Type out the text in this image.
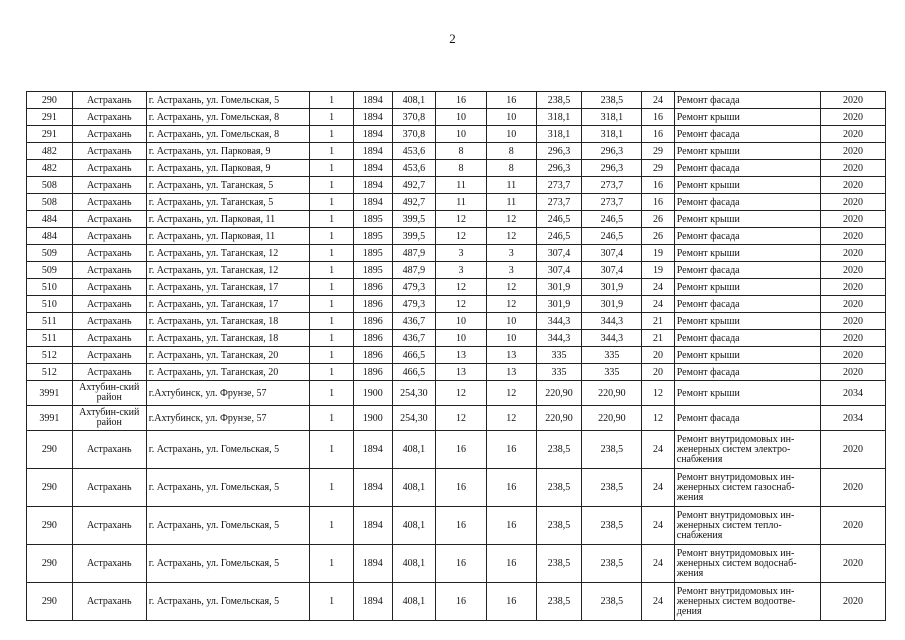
2
290	Астрахань	г. Астрахань, ул. Гомельская, 5	1	1894	408,1	16	16	238,5	238,5	24	Ремонт фасада	2020
291	Астрахань	г. Астрахань, ул. Гомельская, 8	1	1894	370,8	10	10	318,1	318,1	16	Ремонт крыши	2020
291	Астрахань	г. Астрахань, ул. Гомельская, 8	1	1894	370,8	10	10	318,1	318,1	16	Ремонт фасада	2020
482	Астрахань	г. Астрахань, ул. Парковая, 9	1	1894	453,6	8	8	296,3	296,3	29	Ремонт крыши	2020
482	Астрахань	г. Астрахань, ул. Парковая, 9	1	1894	453,6	8	8	296,3	296,3	29	Ремонт фасада	2020
508	Астрахань	г. Астрахань, ул. Таганская, 5	1	1894	492,7	11	11	273,7	273,7	16	Ремонт крыши	2020
508	Астрахань	г. Астрахань, ул. Таганская, 5	1	1894	492,7	11	11	273,7	273,7	16	Ремонт фасада	2020
484	Астрахань	г. Астрахань, ул. Парковая, 11	1	1895	399,5	12	12	246,5	246,5	26	Ремонт крыши	2020
484	Астрахань	г. Астрахань, ул. Парковая, 11	1	1895	399,5	12	12	246,5	246,5	26	Ремонт фасада	2020
509	Астрахань	г. Астрахань, ул. Таганская, 12	1	1895	487,9	3	3	307,4	307,4	19	Ремонт крыши	2020
509	Астрахань	г. Астрахань, ул. Таганская, 12	1	1895	487,9	3	3	307,4	307,4	19	Ремонт фасада	2020
510	Астрахань	г. Астрахань, ул. Таганская, 17	1	1896	479,3	12	12	301,9	301,9	24	Ремонт крыши	2020
510	Астрахань	г. Астрахань, ул. Таганская, 17	1	1896	479,3	12	12	301,9	301,9	24	Ремонт фасада	2020
511	Астрахань	г. Астрахань, ул. Таганская, 18	1	1896	436,7	10	10	344,3	344,3	21	Ремонт крыши	2020
511	Астрахань	г. Астрахань, ул. Таганская, 18	1	1896	436,7	10	10	344,3	344,3	21	Ремонт фасада	2020
512	Астрахань	г. Астрахань, ул. Таганская, 20	1	1896	466,5	13	13	335	335	20	Ремонт крыши	2020
512	Астрахань	г. Астрахань, ул. Таганская, 20	1	1896	466,5	13	13	335	335	20	Ремонт фасада	2020
3991	Ахтубин-ский район	г.Ахтубинск, ул. Фрунзе, 57	1	1900	254,30	12	12	220,90	220,90	12	Ремонт крыши	2034
3991	Ахтубин-ский район	г.Ахтубинск, ул. Фрунзе, 57	1	1900	254,30	12	12	220,90	220,90	12	Ремонт фасада	2034
290	Астрахань	г. Астрахань, ул. Гомельская, 5	1	1894	408,1	16	16	238,5	238,5	24	Ремонт внутридомовых ин-женерных систем электро-снабжения	2020
290	Астрахань	г. Астрахань, ул. Гомельская, 5	1	1894	408,1	16	16	238,5	238,5	24	Ремонт внутридомовых ин-женерных систем газоснаб-жения	2020
290	Астрахань	г. Астрахань, ул. Гомельская, 5	1	1894	408,1	16	16	238,5	238,5	24	Ремонт внутридомовых ин-женерных систем тепло-снабжения	2020
290	Астрахань	г. Астрахань, ул. Гомельская, 5	1	1894	408,1	16	16	238,5	238,5	24	Ремонт внутридомовых ин-женерных систем водоснаб-жения	2020
290	Астрахань	г. Астрахань, ул. Гомельская, 5	1	1894	408,1	16	16	238,5	238,5	24	Ремонт внутридомовых ин-женерных систем водоотве-дения	2020
